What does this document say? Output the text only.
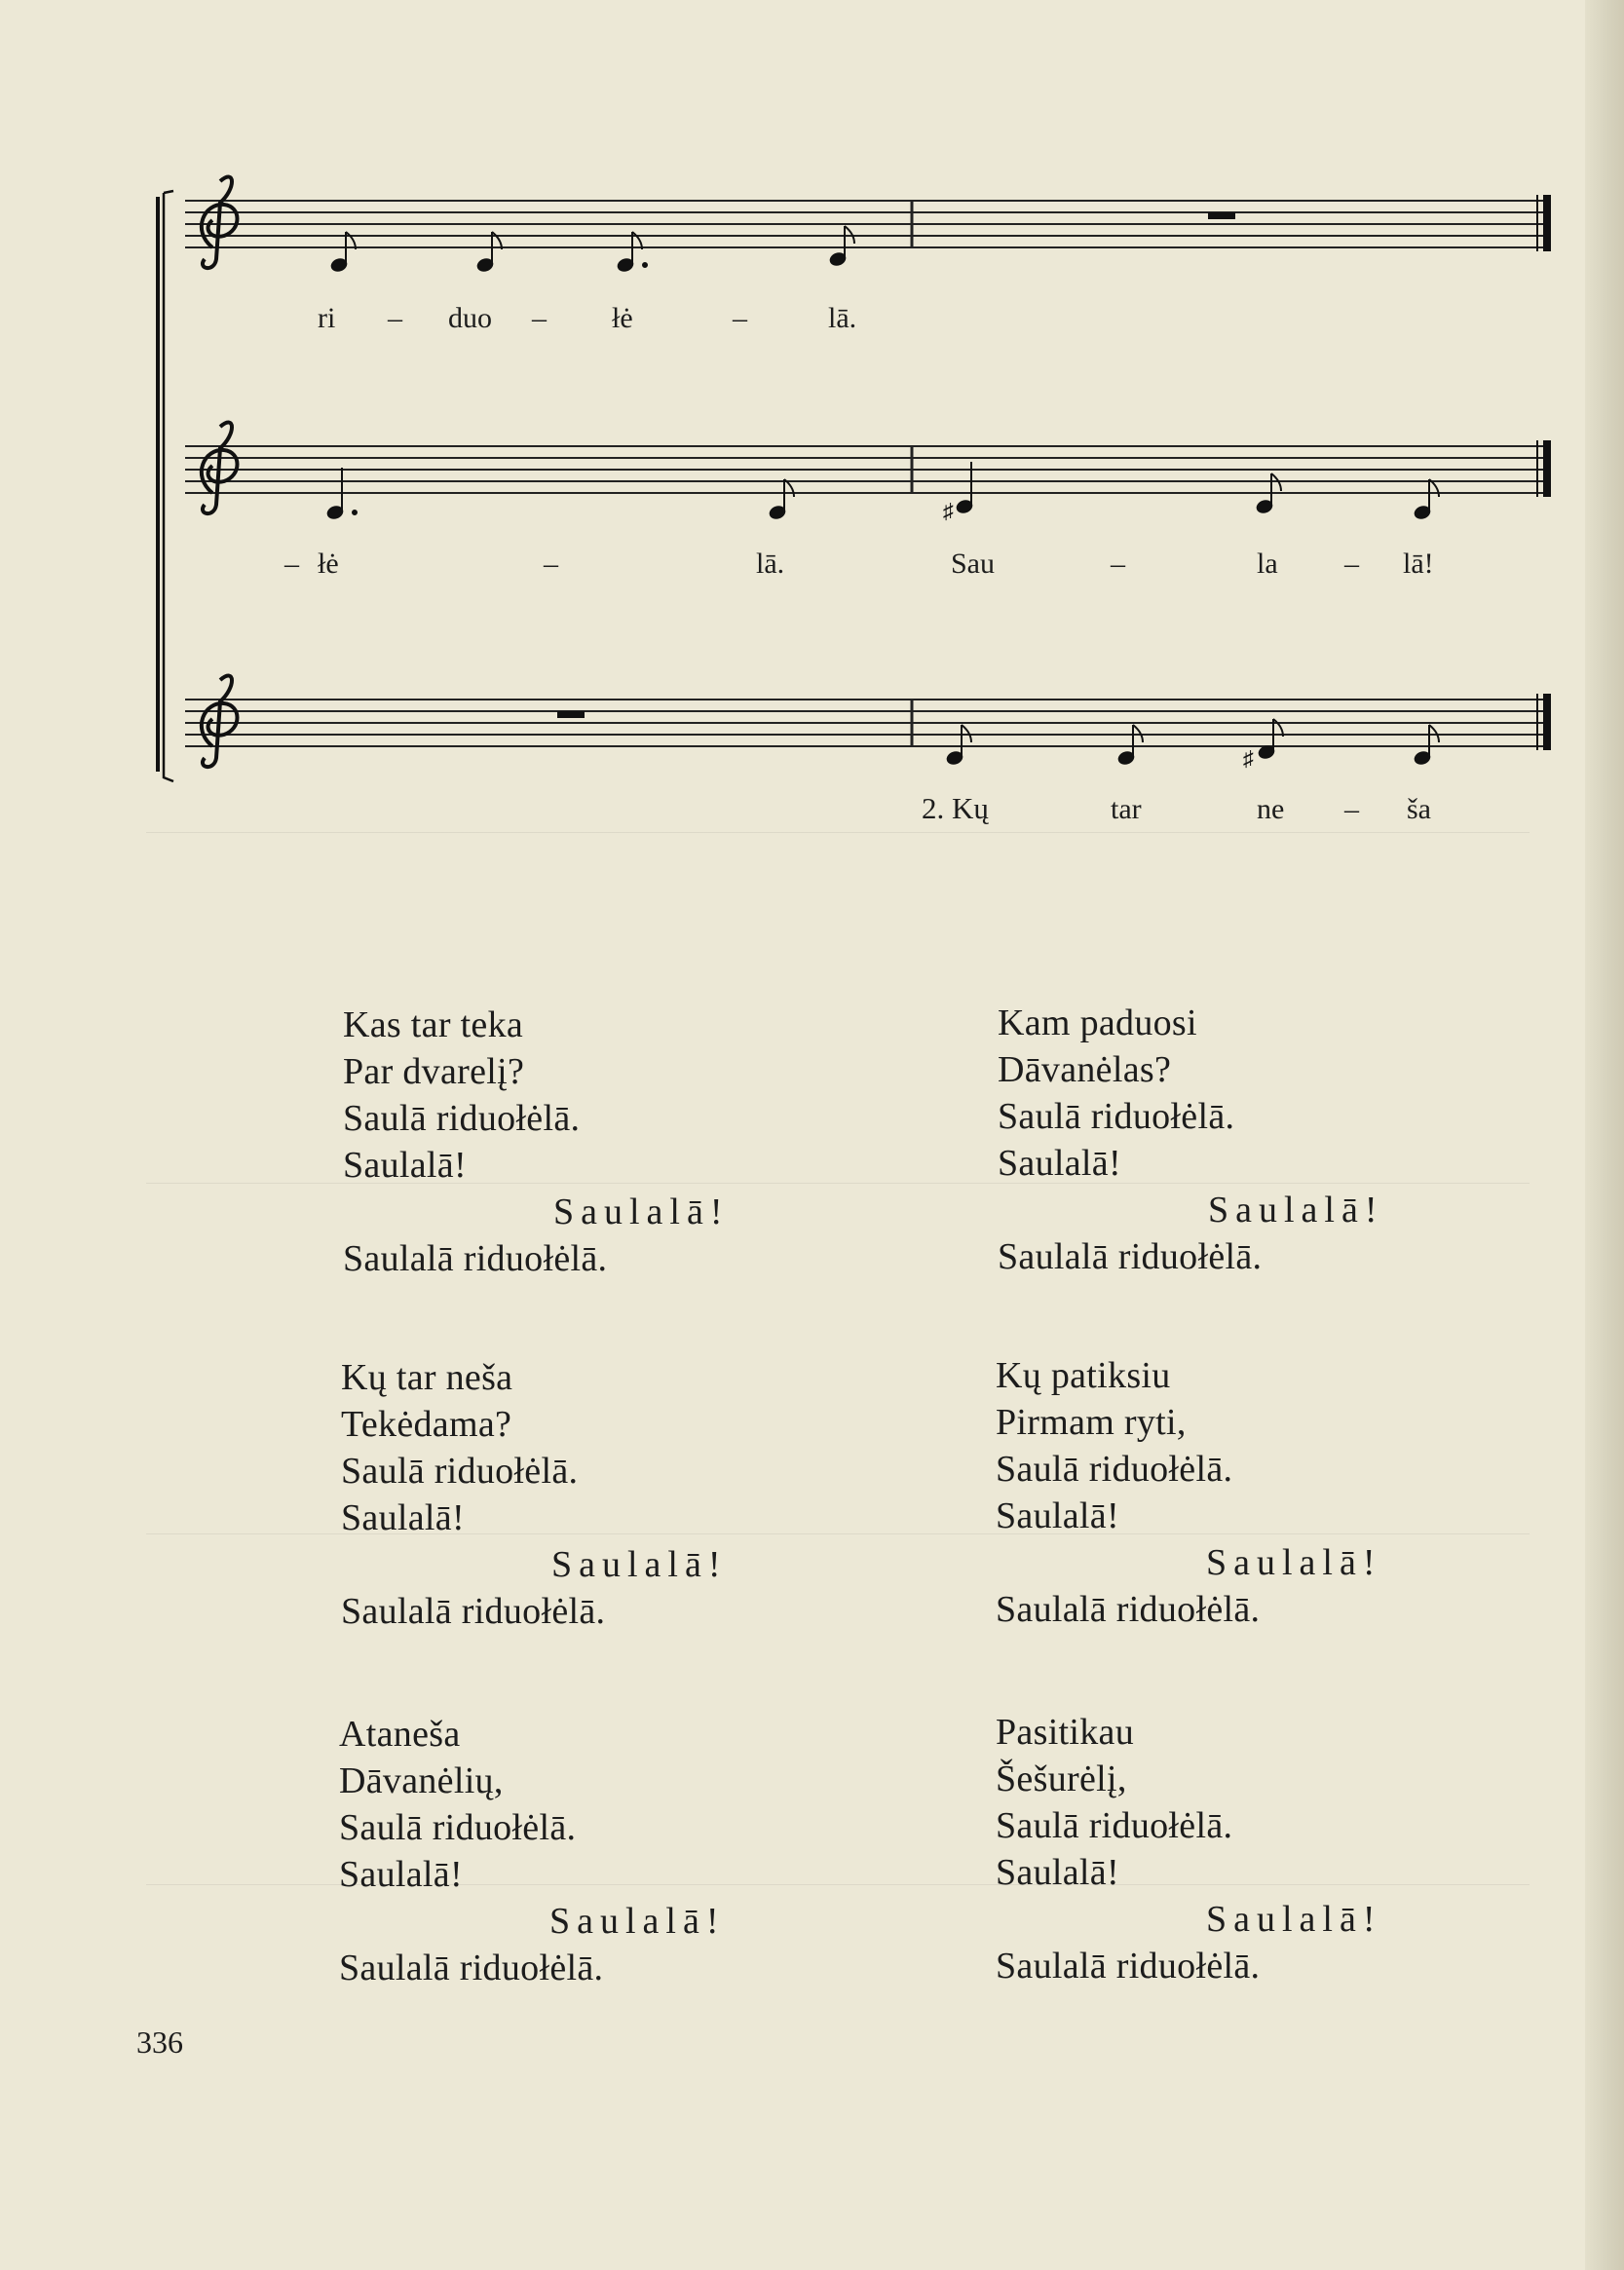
ri – duo – łė	–	lā.
♯
– łė	–	lā.	Sau	–	la – lā!
♯
2. Kų	tar	ne – ša
Kas tar teka
Par dvarelį?
Saulā riduołėlā.
Saulalā!
Saulalā!
Saulalā riduołėlā.
Kam paduosi
Dāvanėlas?
Saulā riduołėlā.
Saulalā!
Saulalā!
Saulalā riduołėlā.
Kų tar neša
Tekėdama?
Saulā riduołėlā.
Saulalā!
Saulalā!
Saulalā riduołėlā.
Kų patiksiu
Pirmam ryti,
Saulā riduołėlā.
Saulalā!
Saulalā!
Saulalā riduołėlā.
Ataneša
Dāvanėlių,
Saulā riduołėlā.
Saulalā!
Saulalā!
Saulalā riduołėlā.
Pasitikau
Šešurėlį,
Saulā riduołėlā.
Saulalā!
Saulalā!
Saulalā riduołėlā.
336
